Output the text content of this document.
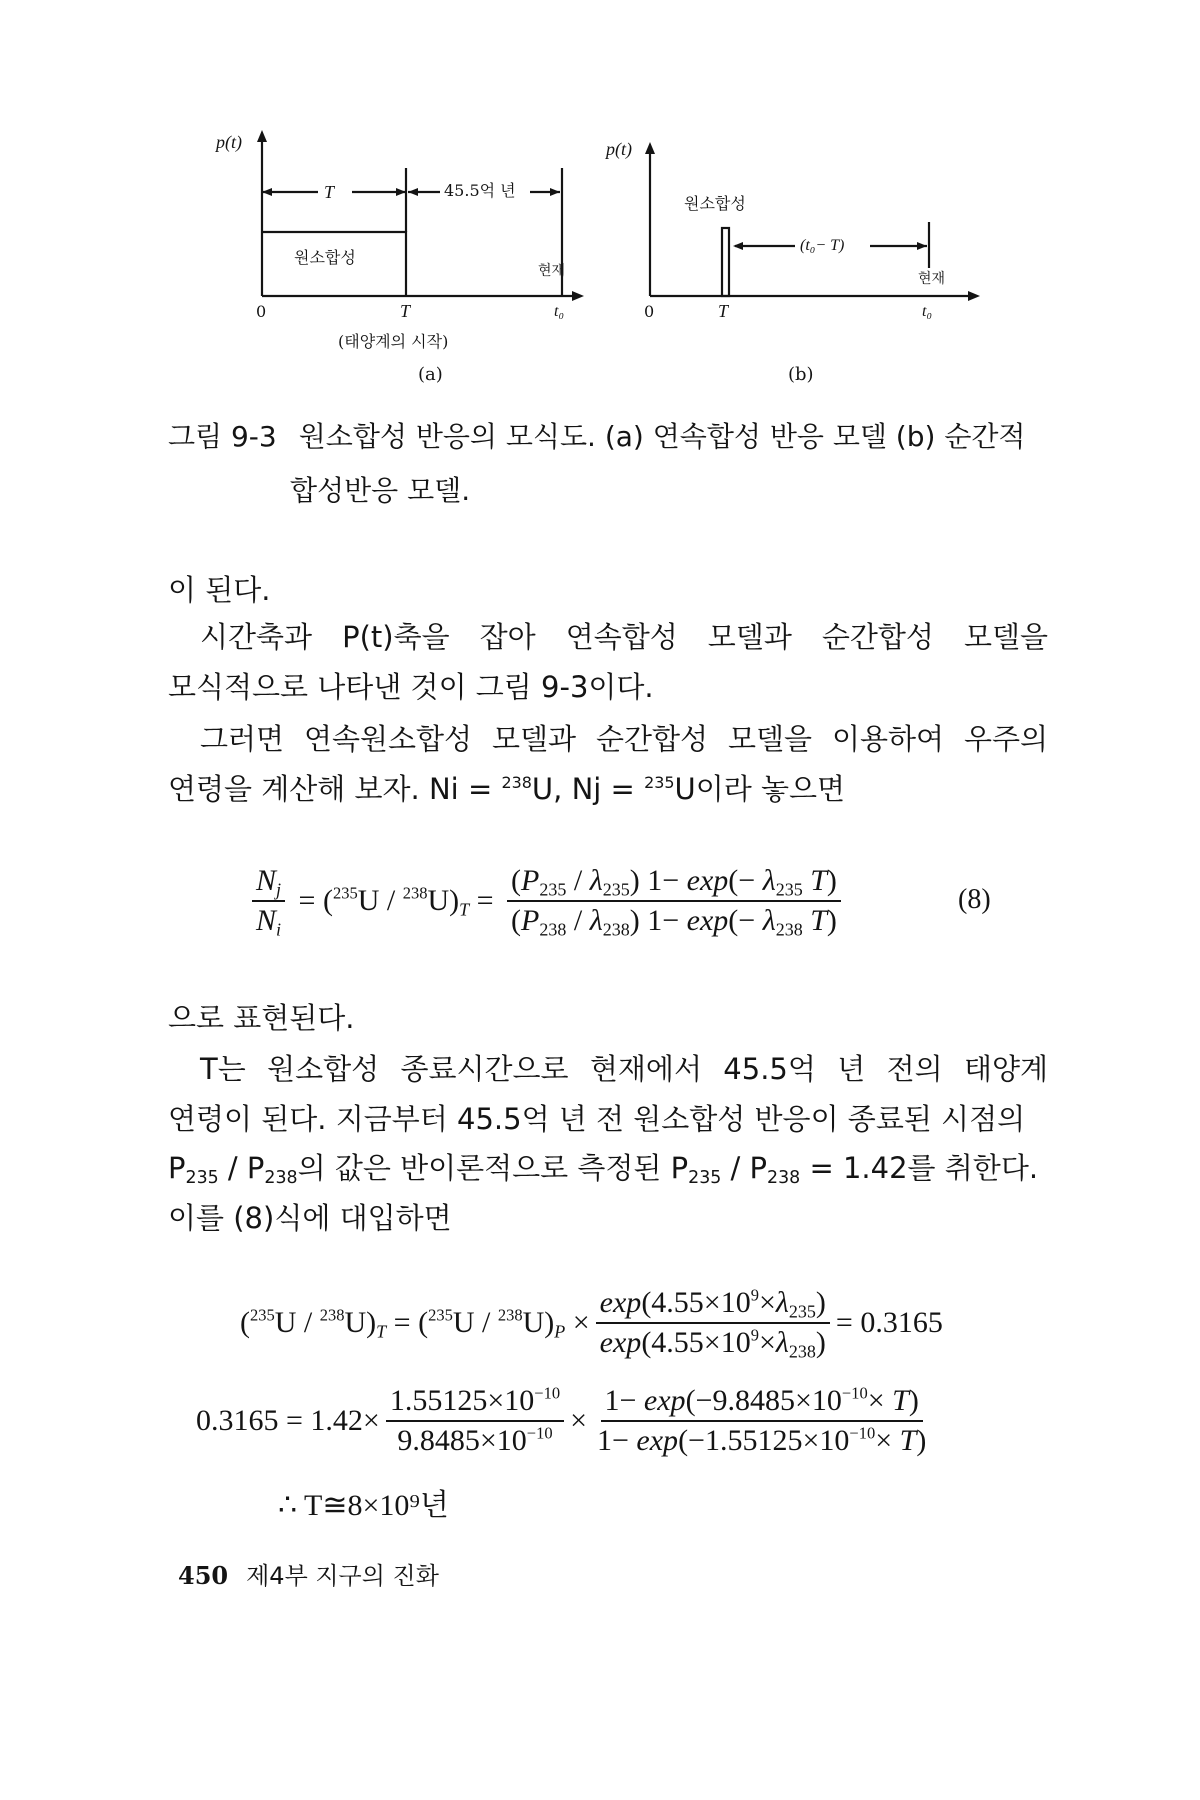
p(t)
T	45.5억 년
원소합성
현재
0	T	t₀
(태양계의 시작)
(a)
p(t)
원소합성
(t₀− T)
현재
0	T	t₀
(b)
그림 9-3 원소합성 반응의 모식도. (a) 연속합성 반응 모델 (b) 순간적
합성반응 모델.
이 된다.
시간축과 P(t)축을 잡아 연속합성 모델과 순간합성 모델을 모식적으로 나타낸 것이 그림 9-3이다.
그러면 연속원소합성 모델과 순간합성 모델을 이용하여 우주의 연령을 계산해 보자. Ni = $^{238}$U, Nj = $^{235}$U이라 놓으면
$\frac{N_j}{N_i} = (^{235}U / ^{238}U)_T = \frac{(P_{235} / \lambda_{235}) 1- \exp(- \lambda_{235} T)}{(P_{238} / \lambda_{238}) 1- \exp(- \lambda_{238} T)}$	(8)
으로 표현된다.
T는 원소합성 종료시간으로 현재에서 45.5억 년 전의 태양계 연령이 된다. 지금부터 45.5억 년 전 원소합성 반응이 종료된 시점의
$P_{235} / P_{238}$의 값은 반이론적으로 측정된 $P_{235} / P_{238} = 1.42$를 취한다.
이를 (8)식에 대입하면
$(^{235}U / ^{238}U)_T = (^{235}U / ^{238}U)_P \times \frac{\exp(4.55\times 10^9\times\lambda_{235})}{\exp(4.55\times 10^9\times\lambda_{238})} = 0.3165$
$0.3165 = 1.42\times \frac{1.55125\times 10^{-10}}{9.8485\times 10^{-10}} \times \frac{1- \exp(-9.8485\times 10^{-10}\times T)}{1- \exp(-1.55125\times 10^{-10}\times T)}$
∴ T≅8×10⁹년
450 제4부 지구의 진화
